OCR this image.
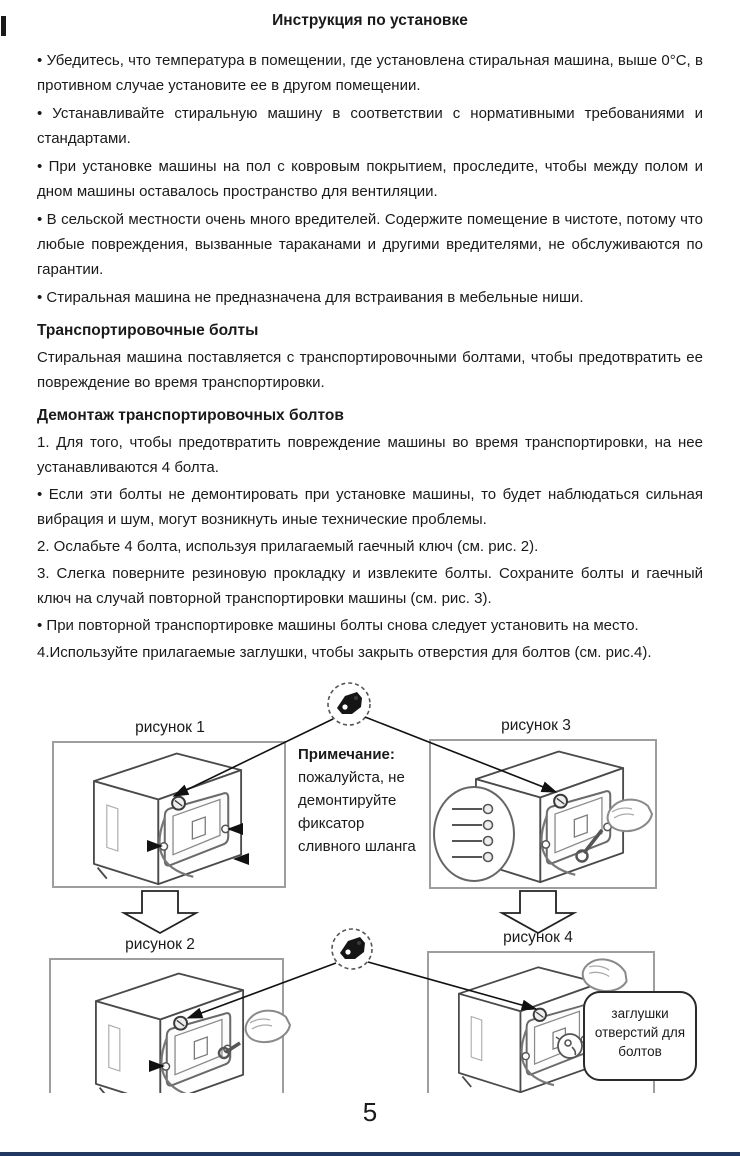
Инструкция по установке

• Убедитесь, что температура в помещении, где установлена стиральная машина, выше 0°C, в противном случае установите ее в другом помещении.

• Устанавливайте стиральную машину в соответствии с нормативными требованиями и стандартами.

• При установке машины на пол с ковровым покрытием, проследите, чтобы между полом и дном машины оставалось пространство для вентиляции.

• В сельской местности очень много вредителей. Содержите помещение в чистоте, потому что любые повреждения, вызванные тараканами и другими вредителями, не обслуживаются по гарантии.

• Стиральная машина не предназначена для встраивания в мебельные ниши.

Транспортировочные болты

Стиральная машина поставляется с транспортировочными болтами, чтобы предотвратить ее повреждение во время транспортировки.

Демонтаж транспортировочных болтов

1. Для того, чтобы предотвратить повреждение машины во время транспортировки, на нее устанавливаются 4 болта.

• Если эти болты не демонтировать при установке машины, то будет наблюдаться сильная вибрация и шум, могут возникнуть иные технические проблемы.

2. Ослабьте 4 болта, используя прилагаемый гаечный ключ (см. рис. 2).

3. Слегка поверните резиновую прокладку и извлеките болты. Сохраните болты и гаечный ключ на случай повторной транспортировки машины (см. рис. 3).

• При повторной транспортировке машины болты снова следует установить на место.

4.Используйте прилагаемые заглушки, чтобы закрыть отверстия для болтов (см. рис.4).

рисунок 1	рисунок 3
рисунок 2	рисунок 4
Примечание:
пожалуйста, не
демонтируйте
фиксатор
сливного шланга
заглушки
отверстий для
болтов
5
